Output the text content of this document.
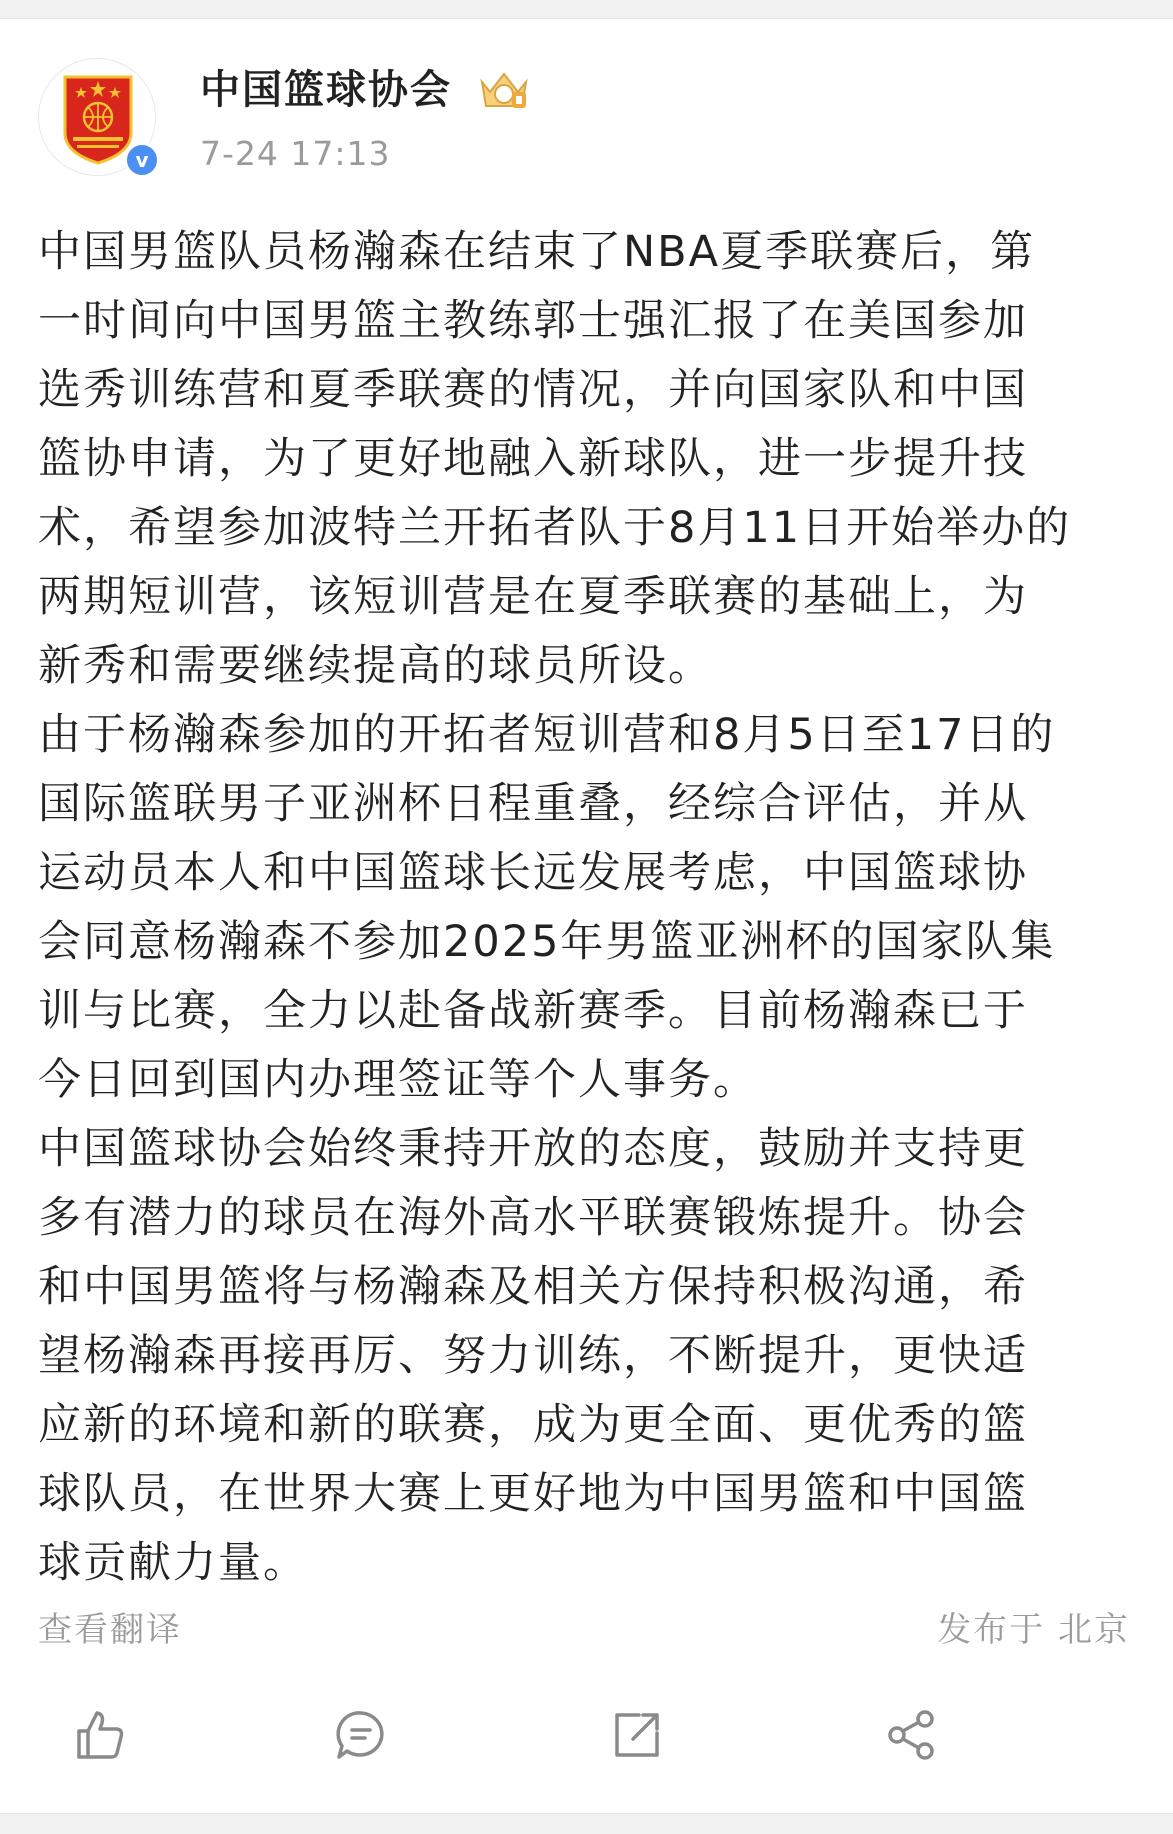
v
中国篮球协会
7-24 17:13

中国男篮队员杨瀚森在结束了NBA夏季联赛后，第
一时间向中国男篮主教练郭士强汇报了在美国参加
选秀训练营和夏季联赛的情况，并向国家队和中国
篮协申请，为了更好地融入新球队，进一步提升技
术，希望参加波特兰开拓者队于8月11日开始举办的
两期短训营，该短训营是在夏季联赛的基础上，为
新秀和需要继续提高的球员所设。

由于杨瀚森参加的开拓者短训营和8月5日至17日的
国际篮联男子亚洲杯日程重叠，经综合评估，并从
运动员本人和中国篮球长远发展考虑，中国篮球协
会同意杨瀚森不参加2025年男篮亚洲杯的国家队集
训与比赛，全力以赴备战新赛季。目前杨瀚森已于
今日回到国内办理签证等个人事务。

中国篮球协会始终秉持开放的态度，鼓励并支持更
多有潜力的球员在海外高水平联赛锻炼提升。协会
和中国男篮将与杨瀚森及相关方保持积极沟通，希
望杨瀚森再接再厉、努力训练，不断提升，更快适
应新的环境和新的联赛，成为更全面、更优秀的篮
球队员，在世界大赛上更好地为中国男篮和中国篮
球贡献力量。

查看翻译	发布于 北京
